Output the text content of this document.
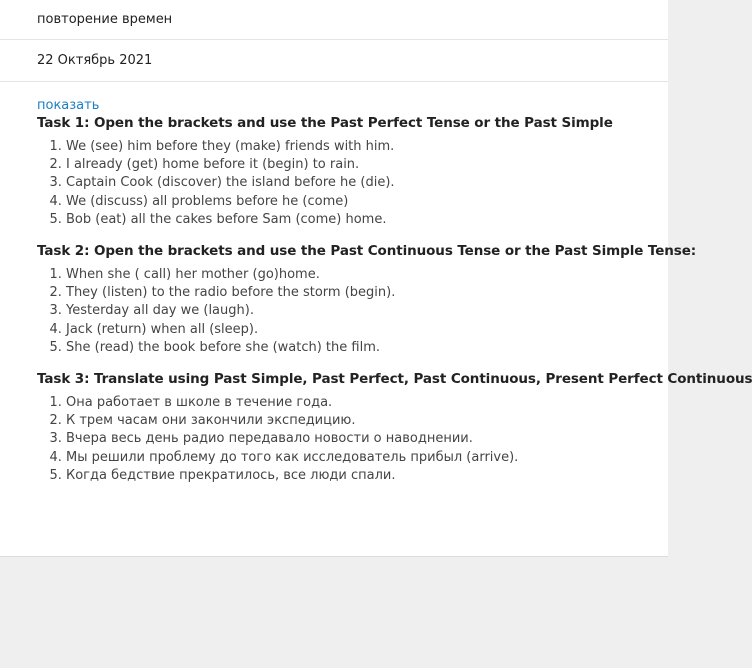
повторение времен
22 Октябрь 2021
показать
Task 1: Open the brackets and use the Past Perfect Tense or the Past Simple
1. We (see) him before they (make) friends with him.
2. I already (get) home before it (begin) to rain.
3. Captain Cook (discover) the island before he (die).
4. We (discuss) all problems before he (come)
5. Bob (eat) all the cakes before Sam (come) home.
Task 2: Open the brackets and use the Past Continuous Tense or the Past Simple Tense:
1. When she ( call) her mother (go)home.
2. They (listen) to the radio before the storm (begin).
3. Yesterday all day we (laugh).
4. Jack (return) when all (sleep).
5. She (read) the book before she (watch) the film.
Task 3: Translate using Past Simple, Past Perfect, Past Continuous, Present Perfect Continuous
1. Она работает в школе в течение года.
2. К трем часам они закончили экспедицию.
3. Вчера весь день радио передавало новости о наводнении.
4. Мы решили проблему до того как исследователь прибыл (arrive).
5. Когда бедствие прекратилось, все люди спали.
